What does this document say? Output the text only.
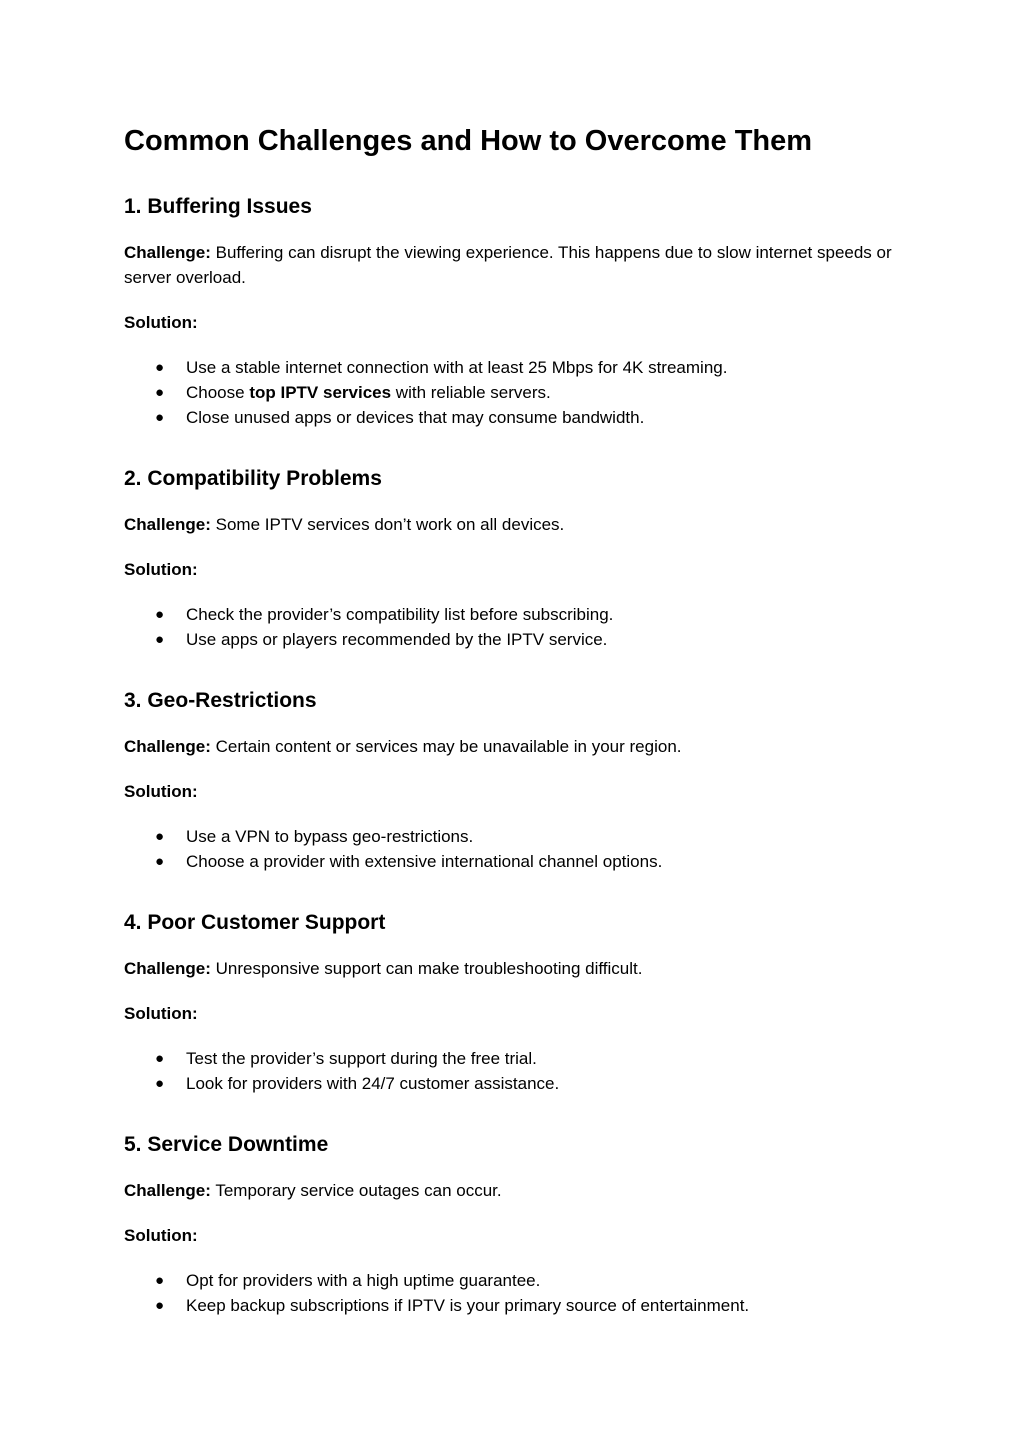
Common Challenges and How to Overcome Them
1. Buffering Issues

Challenge: Buffering can disrupt the viewing experience. This happens due to slow internet speeds or server overload.

Solution:

● Use a stable internet connection with at least 25 Mbps for 4K streaming.
● Choose top IPTV services with reliable servers.
● Close unused apps or devices that may consume bandwidth.
2. Compatibility Problems

Challenge: Some IPTV services don’t work on all devices.

Solution:

● Check the provider’s compatibility list before subscribing.
● Use apps or players recommended by the IPTV service.
3. Geo-Restrictions

Challenge: Certain content or services may be unavailable in your region.

Solution:

● Use a VPN to bypass geo-restrictions.
● Choose a provider with extensive international channel options.
4. Poor Customer Support

Challenge: Unresponsive support can make troubleshooting difficult.

Solution:

● Test the provider’s support during the free trial.
● Look for providers with 24/7 customer assistance.
5. Service Downtime

Challenge: Temporary service outages can occur.

Solution:

● Opt for providers with a high uptime guarantee.
● Keep backup subscriptions if IPTV is your primary source of entertainment.
